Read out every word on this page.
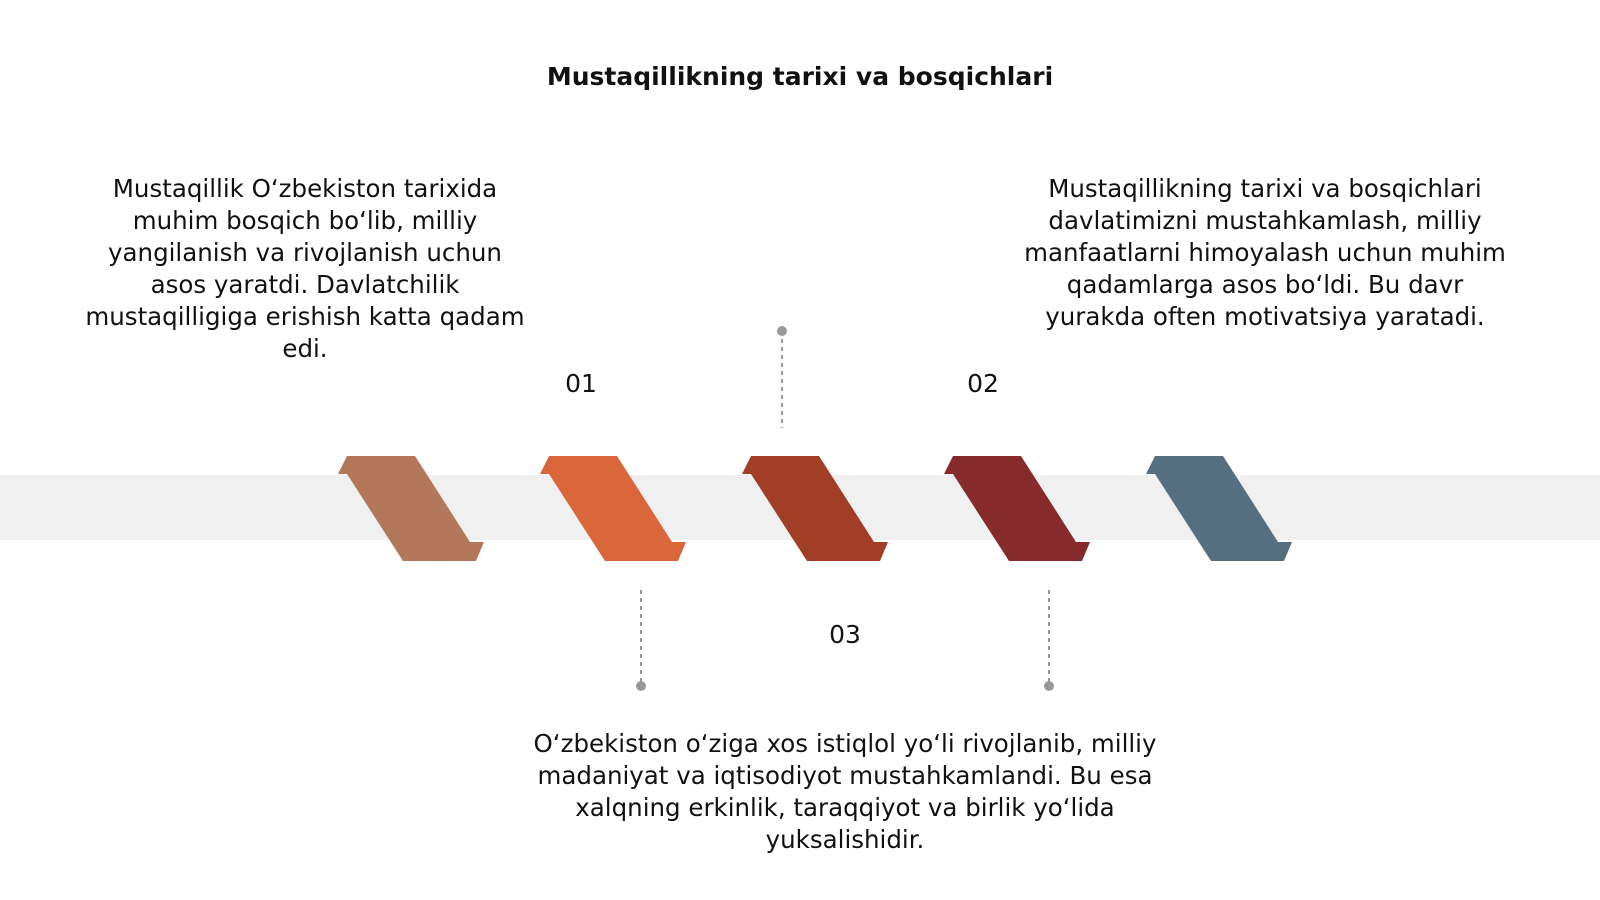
Mustaqillikning tarixi va bosqichlari
Mustaqillik O‘zbekiston tarixida muhim bosqich bo‘lib, milliy yangilanish va rivojlanish uchun asos yaratdi. Davlatchilik mustaqilligiga erishish katta qadam edi.
Mustaqillikning tarixi va bosqichlari davlatimizni mustahkamlash, milliy manfaatlarni himoyalash uchun muhim qadamlarga asos bo‘ldi. Bu davr yurakda often motivatsiya yaratadi.
O‘zbekiston o‘ziga xos istiqlol yo‘li rivojlanib, milliy madaniyat va iqtisodiyot mustahkamlandi. Bu esa xalqning erkinlik, taraqqiyot va birlik yo‘lida yuksalishidir.
01	02
03
